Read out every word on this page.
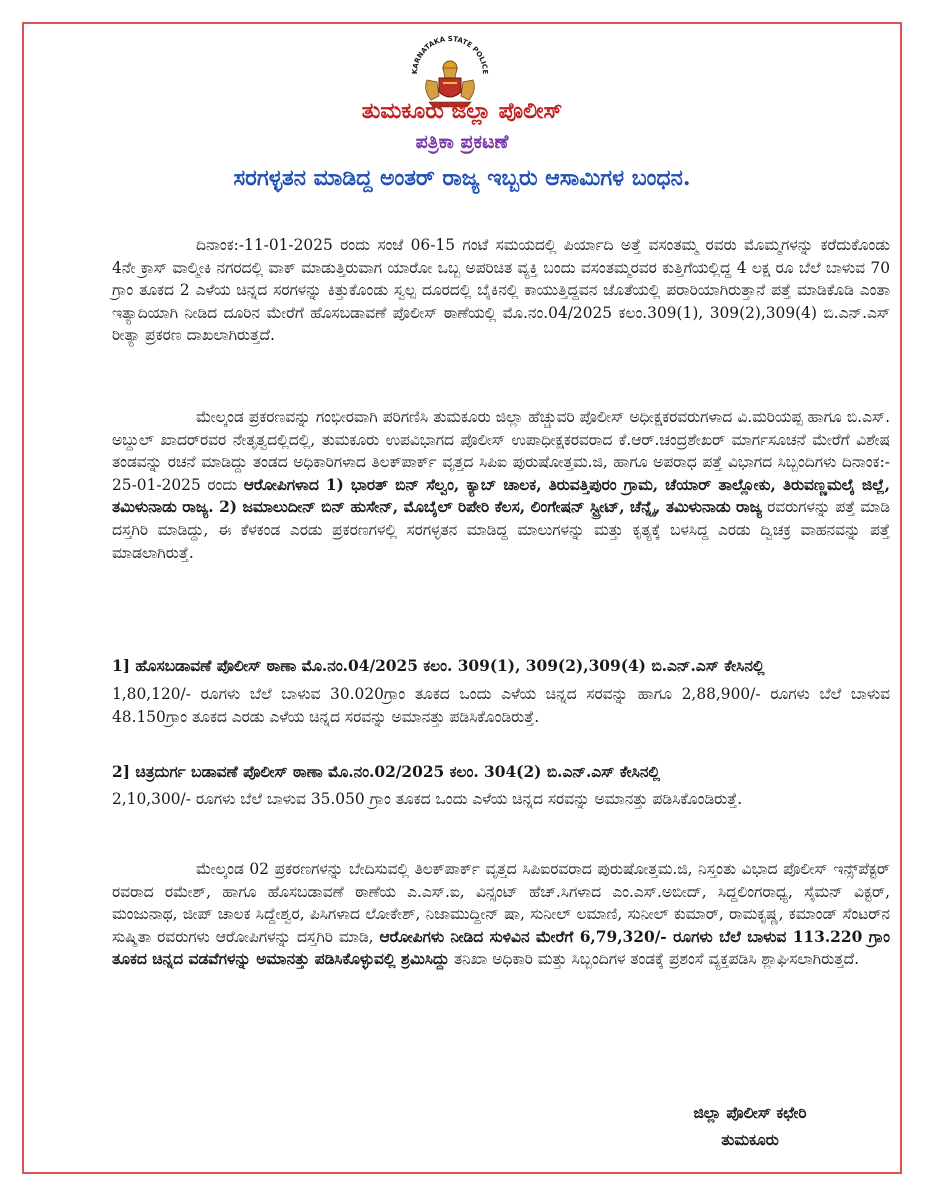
KARNATAKA STATE POLICE
ತುಮಕೂರು ಜಿಲ್ಲಾ ಪೊಲೀಸ್
ಪತ್ರಿಕಾ ಪ್ರಕಟಣೆ
ಸರಗಳ್ಳತನ ಮಾಡಿದ್ದ ಅಂತರ್ ರಾಜ್ಯ ಇಬ್ಬರು ಆಸಾಮಿಗಳ ಬಂಧನ.

ದಿನಾಂಕ:-11-01-2025 ರಂದು ಸಂಜೆ 06-15 ಗಂಟೆ ಸಮಯದಲ್ಲಿ ಪಿರ್ಯಾದಿ ಅತ್ತೆ ವಸಂತಮ್ಮ ರವರು ಮೊಮ್ಮಗಳನ್ನು ಕರೆದುಕೊಂಡು 4ನೇ ಕ್ರಾಸ್ ವಾಲ್ಮೀಕಿ ನಗರದಲ್ಲಿ ವಾಕ್ ಮಾಡುತ್ತಿರುವಾಗ ಯಾರೋ ಒಬ್ಬ ಅಪರಿಚಿತ ವ್ಯಕ್ತಿ ಬಂದು ವಸಂತಮ್ಮರವರ ಕುತ್ತಿಗೆಯಲ್ಲಿದ್ದ 4 ಲಕ್ಷ ರೂ ಬೆಲೆ ಬಾಳುವ 70 ಗ್ರಾಂ ತೂಕದ 2 ಎಳೆಯ ಚಿನ್ನದ ಸರಗಳನ್ನು ಕಿತ್ತುಕೊಂಡು ಸ್ವಲ್ಪ ದೂರದಲ್ಲಿ ಬೈಕಿನಲ್ಲಿ ಕಾಯುತ್ತಿದ್ದವನ ಜೊತೆಯಲ್ಲಿ ಪರಾರಿಯಾಗಿರುತ್ತಾನೆ ಪತ್ತೆ ಮಾಡಿಕೊಡಿ ಎಂತಾ ಇತ್ಯಾದಿಯಾಗಿ ನೀಡಿದ ದೂರಿನ ಮೇರೆಗೆ ಹೊಸಬಡಾವಣೆ ಪೊಲೀಸ್ ಠಾಣೆಯಲ್ಲಿ ಮೊ.ನಂ.04/2025 ಕಲಂ.309(1), 309(2),309(4) ಬಿ.ಎನ್.ಎಸ್ ರೀತ್ಯಾ ಪ್ರಕರಣ ದಾಖಲಾಗಿರುತ್ತದೆ.

ಮೇಲ್ಕಂಡ ಪ್ರಕರಣವನ್ನು ಗಂಭೀರವಾಗಿ ಪರಿಗಣಿಸಿ ತುಮಕೂರು ಜಿಲ್ಲಾ ಹೆಚ್ಚುವರಿ ಪೊಲೀಸ್ ಅಧೀಕ್ಷಕರವರುಗಳಾದ ವಿ.ಮರಿಯಪ್ಪ ಹಾಗೂ ಬಿ.ಎಸ್. ಅಬ್ದುಲ್ ಖಾದರ್‌ರವರ ನೇತೃತ್ವದಲ್ಲಿದಲ್ಲಿ, ತುಮಕೂರು ಉಪವಿಭಾಗದ ಪೊಲೀಸ್ ಉಪಾಧೀಕ್ಷಕರವರಾದ ಕೆ.ಆರ್.ಚಂದ್ರಶೇಖರ್ ಮಾರ್ಗಸೂಚನೆ ಮೇರೆಗೆ ವಿಶೇಷ ತಂಡವನ್ನು ರಚನೆ ಮಾಡಿದ್ದು ತಂಡದ ಅಧಿಕಾರಿಗಳಾದ ತಿಲಕ್‌ಪಾರ್ಕ್ ವೃತ್ತದ ಸಿಪಿಐ ಪುರುಷೋತ್ತಮ.ಜಿ, ಹಾಗೂ ಅಪರಾಧ ಪತ್ತೆ ವಿಭಾಗದ ಸಿಬ್ಬಂದಿಗಳು ದಿನಾಂಕ:- 25-01-2025 ರಂದು ಆರೋಪಿಗಳಾದ 1) ಭಾರತ್ ಬಿನ್ ಸೆಲ್ವಂ, ಕ್ಯಾಬ್ ಚಾಲಕ, ತಿರುವತ್ತಿಪುರಂ ಗ್ರಾಮ, ಚೆಯಾರ್ ತಾಲ್ಲೋಕು, ತಿರುವಣ್ಣಮಲೈ ಜಿಲ್ಲೆ, ತಮಿಳುನಾಡು ರಾಜ್ಯ. 2) ಜಮಾಲುದೀನ್ ಬಿನ್ ಹುಸೇನ್, ಮೊಬೈಲ್ ರಿಪೇರಿ ಕೆಲಸ, ಲಿಂಗೇಷನ್ ಸ್ಟ್ರೀಟ್, ಚೆನ್ನೈ, ತಮಿಳುನಾಡು ರಾಜ್ಯ ರವರುಗಳನ್ನು ಪತ್ತೆ ಮಾಡಿ ದಸ್ತಗಿರಿ ಮಾಡಿದ್ದು, ಈ ಕೆಳಕಂಡ ಎರಡು ಪ್ರಕರಣಗಳಲ್ಲಿ ಸರಗಳ್ಳತನ ಮಾಡಿದ್ದ ಮಾಲುಗಳನ್ನು ಮತ್ತು ಕೃತ್ಯಕ್ಕೆ ಬಳಸಿದ್ದ ಎರಡು ದ್ವಿಚಕ್ರ ವಾಹನವನ್ನು ಪತ್ತೆ ಮಾಡಲಾಗಿರುತ್ತೆ.

1] ಹೊಸಬಡಾವಣೆ ಪೊಲೀಸ್ ಠಾಣಾ ಮೊ.ನಂ.04/2025 ಕಲಂ. 309(1), 309(2),309(4) ಬಿ.ಎನ್.ಎಸ್ ಕೇಸಿನಲ್ಲಿ

1,80,120/- ರೂಗಳು ಬೆಲೆ ಬಾಳುವ 30.020ಗ್ರಾಂ ತೂಕದ ಒಂದು ಎಳೆಯ ಚಿನ್ನದ ಸರವನ್ನು ಹಾಗೂ 2,88,900/- ರೂಗಳು ಬೆಲೆ ಬಾಳುವ 48.150ಗ್ರಾಂ ತೂಕದ ಎರಡು ಎಳೆಯ ಚಿನ್ನದ ಸರವನ್ನು ಅಮಾನತ್ತು ಪಡಿಸಿಕೊಂಡಿರುತ್ತೆ.

2] ಚಿತ್ರದುರ್ಗ ಬಡಾವಣೆ ಪೊಲೀಸ್ ಠಾಣಾ ಮೊ.ನಂ.02/2025 ಕಲಂ. 304(2) ಬಿ.ಎನ್.ಎಸ್ ಕೇಸಿನಲ್ಲಿ

2,10,300/- ರೂಗಳು ಬೆಲೆ ಬಾಳುವ 35.050 ಗ್ರಾಂ ತೂಕದ ಒಂದು ಎಳೆಯ ಚಿನ್ನದ ಸರವನ್ನು ಅಮಾನತ್ತು ಪಡಿಸಿಕೊಂಡಿರುತ್ತೆ.

ಮೇಲ್ಕಂಡ 02 ಪ್ರಕರಣಗಳನ್ನು ಬೇದಿಸುವಲ್ಲಿ ತಿಲಕ್‌ಪಾರ್ಕ್ ವೃತ್ತದ ಸಿಪಿಐರವರಾದ ಪುರುಷೋತ್ತಮ.ಜಿ, ನಿಸ್ತಂತು ವಿಭಾದ ಪೊಲೀಸ್ ಇನ್ಸ್‌ಪೆಕ್ಟರ್ ರವರಾದ ರಮೇಶ್, ಹಾಗೂ ಹೊಸಬಡಾವಣೆ ಠಾಣೆಯ ಎ.ಎಸ್.ಐ, ವಿನ್ಸಂಟ್ ಹೆಚ್.ಸಿಗಳಾದ ಎಂ.ಎಸ್.ಅಬೀದ್, ಸಿದ್ದಲಿಂಗರಾಧ್ಯ, ಸೈಮನ್ ವಿಕ್ಟರ್, ಮಂಜುನಾಥ, ಜೀಪ್ ಚಾಲಕ ಸಿದ್ದೇಶ್ವರ, ಪಿಸಿಗಳಾದ ಲೋಕೇಶ್, ನಿಜಾಮುದ್ದೀನ್ ಷಾ, ಸುನೀಲ್ ಲಮಾಣಿ, ಸುನೀಲ್ ಕುಮಾರ್, ರಾಮಕೃಷ್ಣ, ಕಮಾಂಡ್ ಸೆಂಟರ್‌ನ ಸುಷ್ಮಿತಾ ರವರುಗಳು ಆರೋಪಿಗಳನ್ನು ದಸ್ತಗಿರಿ ಮಾಡಿ, ಆರೋಪಿಗಳು ನೀಡಿದ ಸುಳಿವಿನ ಮೇರೆಗೆ 6,79,320/- ರೂಗಳು ಬೆಲೆ ಬಾಳುವ 113.220 ಗ್ರಾಂ ತೂಕದ ಚಿನ್ನದ ವಡವೆಗಳನ್ನು ಅಮಾನತ್ತು ಪಡಿಸಿಕೊಳ್ಳುವಲ್ಲಿ ಶ್ರಮಿಸಿದ್ದು ತನಿಖಾ ಅಧಿಕಾರಿ ಮತ್ತು ಸಿಬ್ಬಂದಿಗಳ ತಂಡಕ್ಕೆ ಪ್ರಶಂಸೆ ವ್ಯಕ್ತಪಡಿಸಿ ಶ್ಲಾಘಿಸಲಾಗಿರುತ್ತದೆ.

ಜಿಲ್ಲಾ ಪೊಲೀಸ್ ಕಛೇರಿ
ತುಮಕೂರು
